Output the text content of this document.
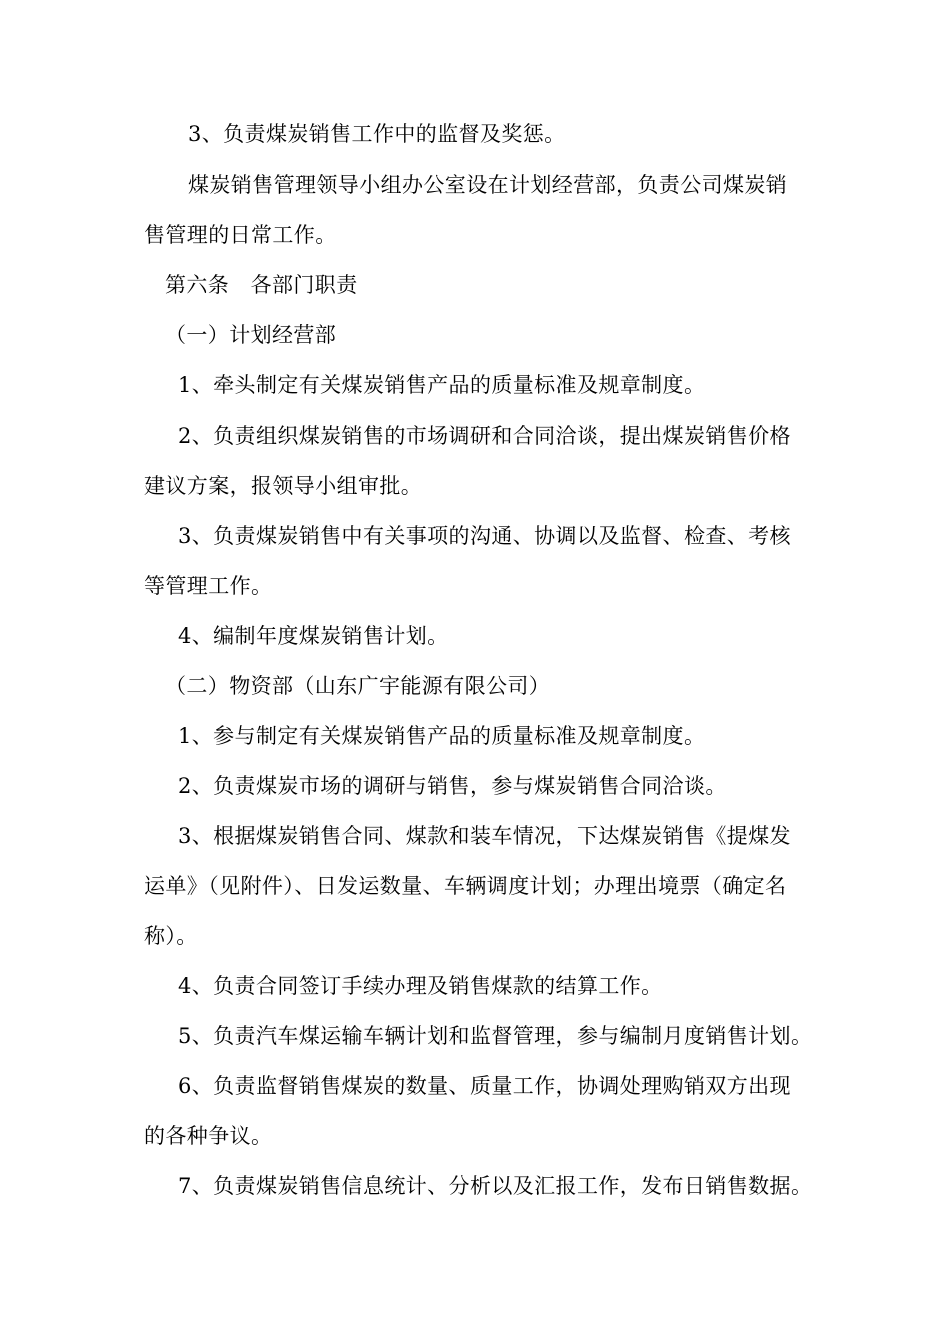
3、负责煤炭销售工作中的监督及奖惩。
煤炭销售管理领导小组办公室设在计划经营部，负责公司煤炭销
售管理的日常工作。
第六条　各部门职责
（一）计划经营部
1、牵头制定有关煤炭销售产品的质量标准及规章制度。
2、负责组织煤炭销售的市场调研和合同洽谈，提出煤炭销售价格
建议方案，报领导小组审批。
3、负责煤炭销售中有关事项的沟通、协调以及监督、检查、考核
等管理工作。
4、编制年度煤炭销售计划。
（二）物资部（山东广宇能源有限公司）
1、参与制定有关煤炭销售产品的质量标准及规章制度。
2、负责煤炭市场的调研与销售，参与煤炭销售合同洽谈。
3、根据煤炭销售合同、煤款和装车情况，下达煤炭销售《提煤发
运单》（见附件）、日发运数量、车辆调度计划；办理出境票（确定名
称）。
4、负责合同签订手续办理及销售煤款的结算工作。
5、负责汽车煤运输车辆计划和监督管理，参与编制月度销售计划。
6、负责监督销售煤炭的数量、质量工作，协调处理购销双方出现
的各种争议。
7、负责煤炭销售信息统计、分析以及汇报工作，发布日销售数据。
